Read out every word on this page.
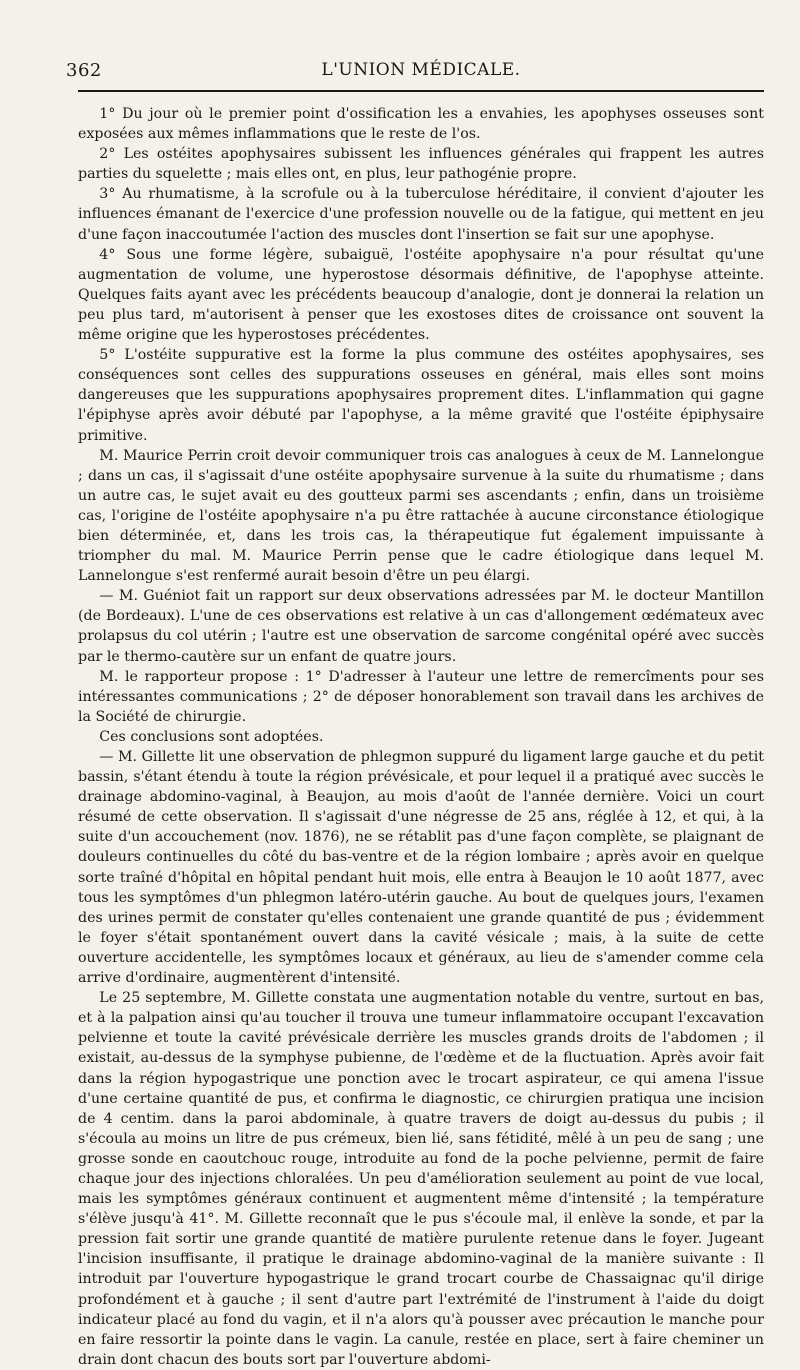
362	L'UNION MÉDICALE.

1° Du jour où le premier point d'ossification les a envahies, les apophyses osseuses sont exposées aux mêmes inflammations que le reste de l'os.

2° Les ostéites apophysaires subissent les influences générales qui frappent les autres parties du squelette ; mais elles ont, en plus, leur pathogénie propre.

3° Au rhumatisme, à la scrofule ou à la tuberculose héréditaire, il convient d'ajouter les influences émanant de l'exercice d'une profession nouvelle ou de la fatigue, qui mettent en jeu d'une façon inaccoutumée l'action des muscles dont l'insertion se fait sur une apophyse.

4° Sous une forme légère, subaiguë, l'ostéite apophysaire n'a pour résultat qu'une augmentation de volume, une hyperostose désormais définitive, de l'apophyse atteinte. Quelques faits ayant avec les précédents beaucoup d'analogie, dont je donnerai la relation un peu plus tard, m'autorisent à penser que les exostoses dites de croissance ont souvent la même origine que les hyperostoses précédentes.

5° L'ostéite suppurative est la forme la plus commune des ostéites apophysaires, ses conséquences sont celles des suppurations osseuses en général, mais elles sont moins dangereuses que les suppurations apophysaires proprement dites. L'inflammation qui gagne l'épiphyse après avoir débuté par l'apophyse, a la même gravité que l'ostéite épiphysaire primitive.

M. Maurice Perrin croit devoir communiquer trois cas analogues à ceux de M. Lannelongue ; dans un cas, il s'agissait d'une ostéite apophysaire survenue à la suite du rhumatisme ; dans un autre cas, le sujet avait eu des goutteux parmi ses ascendants ; enfin, dans un troisième cas, l'origine de l'ostéite apophysaire n'a pu être rattachée à aucune circonstance étiologique bien déterminée, et, dans les trois cas, la thérapeutique fut également impuissante à triompher du mal. M. Maurice Perrin pense que le cadre étiologique dans lequel M. Lannelongue s'est renfermé aurait besoin d'être un peu élargi.

— M. Guéniot fait un rapport sur deux observations adressées par M. le docteur Mantillon (de Bordeaux). L'une de ces observations est relative à un cas d'allongement œdémateux avec prolapsus du col utérin ; l'autre est une observation de sarcome congénital opéré avec succès par le thermo-cautère sur un enfant de quatre jours.

M. le rapporteur propose : 1° D'adresser à l'auteur une lettre de remercîments pour ses intéressantes communications ; 2° de déposer honorablement son travail dans les archives de la Société de chirurgie.

Ces conclusions sont adoptées.

— M. Gillette lit une observation de phlegmon suppuré du ligament large gauche et du petit bassin, s'étant étendu à toute la région prévésicale, et pour lequel il a pratiqué avec succès le drainage abdomino-vaginal, à Beaujon, au mois d'août de l'année dernière. Voici un court résumé de cette observation. Il s'agissait d'une négresse de 25 ans, réglée à 12, et qui, à la suite d'un accouchement (nov. 1876), ne se rétablit pas d'une façon complète, se plaignant de douleurs continuelles du côté du bas-ventre et de la région lombaire ; après avoir en quelque sorte traîné d'hôpital en hôpital pendant huit mois, elle entra à Beaujon le 10 août 1877, avec tous les symptômes d'un phlegmon latéro-utérin gauche. Au bout de quelques jours, l'examen des urines permit de constater qu'elles contenaient une grande quantité de pus ; évidemment le foyer s'était spontanément ouvert dans la cavité vésicale ; mais, à la suite de cette ouverture accidentelle, les symptômes locaux et généraux, au lieu de s'amender comme cela arrive d'ordinaire, augmentèrent d'intensité.

Le 25 septembre, M. Gillette constata une augmentation notable du ventre, surtout en bas, et à la palpation ainsi qu'au toucher il trouva une tumeur inflammatoire occupant l'excavation pelvienne et toute la cavité prévésicale derrière les muscles grands droits de l'abdomen ; il existait, au-dessus de la symphyse pubienne, de l'œdème et de la fluctuation. Après avoir fait dans la région hypogastrique une ponction avec le trocart aspirateur, ce qui amena l'issue d'une certaine quantité de pus, et confirma le diagnostic, ce chirurgien pratiqua une incision de 4 centim. dans la paroi abdominale, à quatre travers de doigt au-dessus du pubis ; il s'écoula au moins un litre de pus crémeux, bien lié, sans fétidité, mêlé à un peu de sang ; une grosse sonde en caoutchouc rouge, introduite au fond de la poche pelvienne, permit de faire chaque jour des injections chloralées. Un peu d'amélioration seulement au point de vue local, mais les symptômes généraux continuent et augmentent même d'intensité ; la température s'élève jusqu'à 41°. M. Gillette reconnaît que le pus s'écoule mal, il enlève la sonde, et par la pression fait sortir une grande quantité de matière purulente retenue dans le foyer. Jugeant l'incision insuffisante, il pratique le drainage abdomino-vaginal de la manière suivante : Il introduit par l'ouverture hypogastrique le grand trocart courbe de Chassaignac qu'il dirige profondément et à gauche ; il sent d'autre part l'extrémité de l'instrument à l'aide du doigt indicateur placé au fond du vagin, et il n'a alors qu'à pousser avec précaution le manche pour en faire ressortir la pointe dans le vagin. La canule, restée en place, sert à faire cheminer un drain dont chacun des bouts sort par l'ouverture abdomi-
